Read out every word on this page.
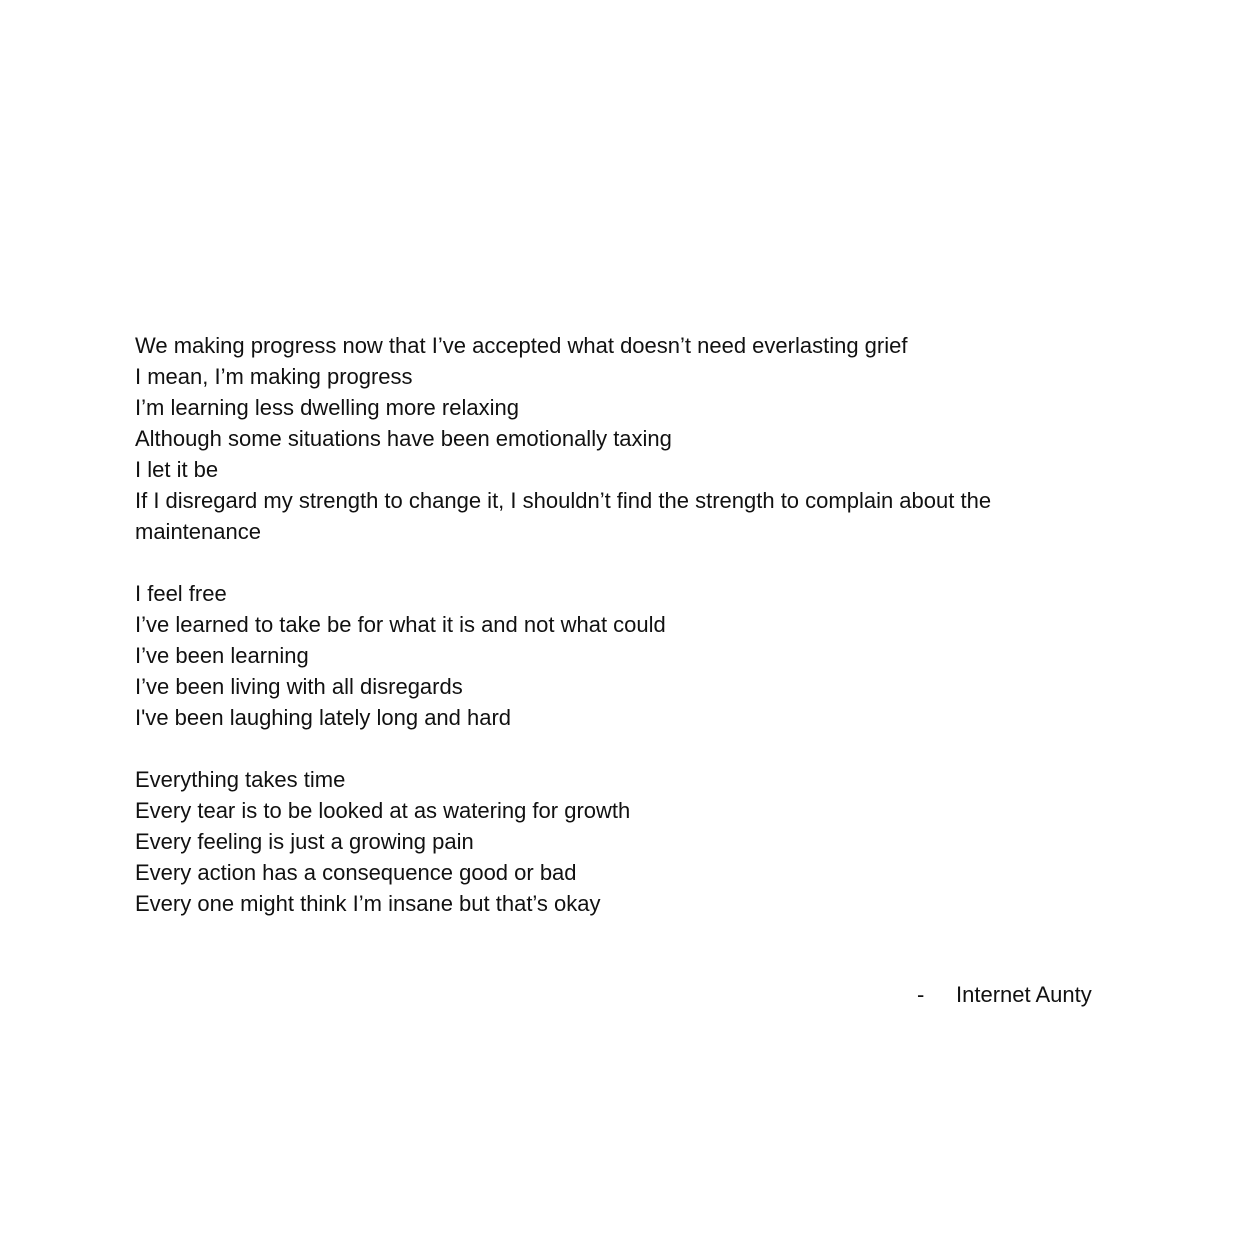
We making progress now that I’ve accepted what doesn’t need everlasting grief
I mean, I’m making progress
I’m learning less dwelling more relaxing
Although some situations have been emotionally taxing
I let it be
If I disregard my strength to change it, I shouldn’t find the strength to complain about the
maintenance
I feel free
I’ve learned to take be for what it is and not what could
I’ve been learning
I’ve been living with all disregards
I've been laughing lately long and hard
Everything takes time
Every tear is to be looked at as watering for growth
Every feeling is just a growing pain
Every action has a consequence good or bad
Every one might think I’m insane but that’s okay
- Internet Aunty
